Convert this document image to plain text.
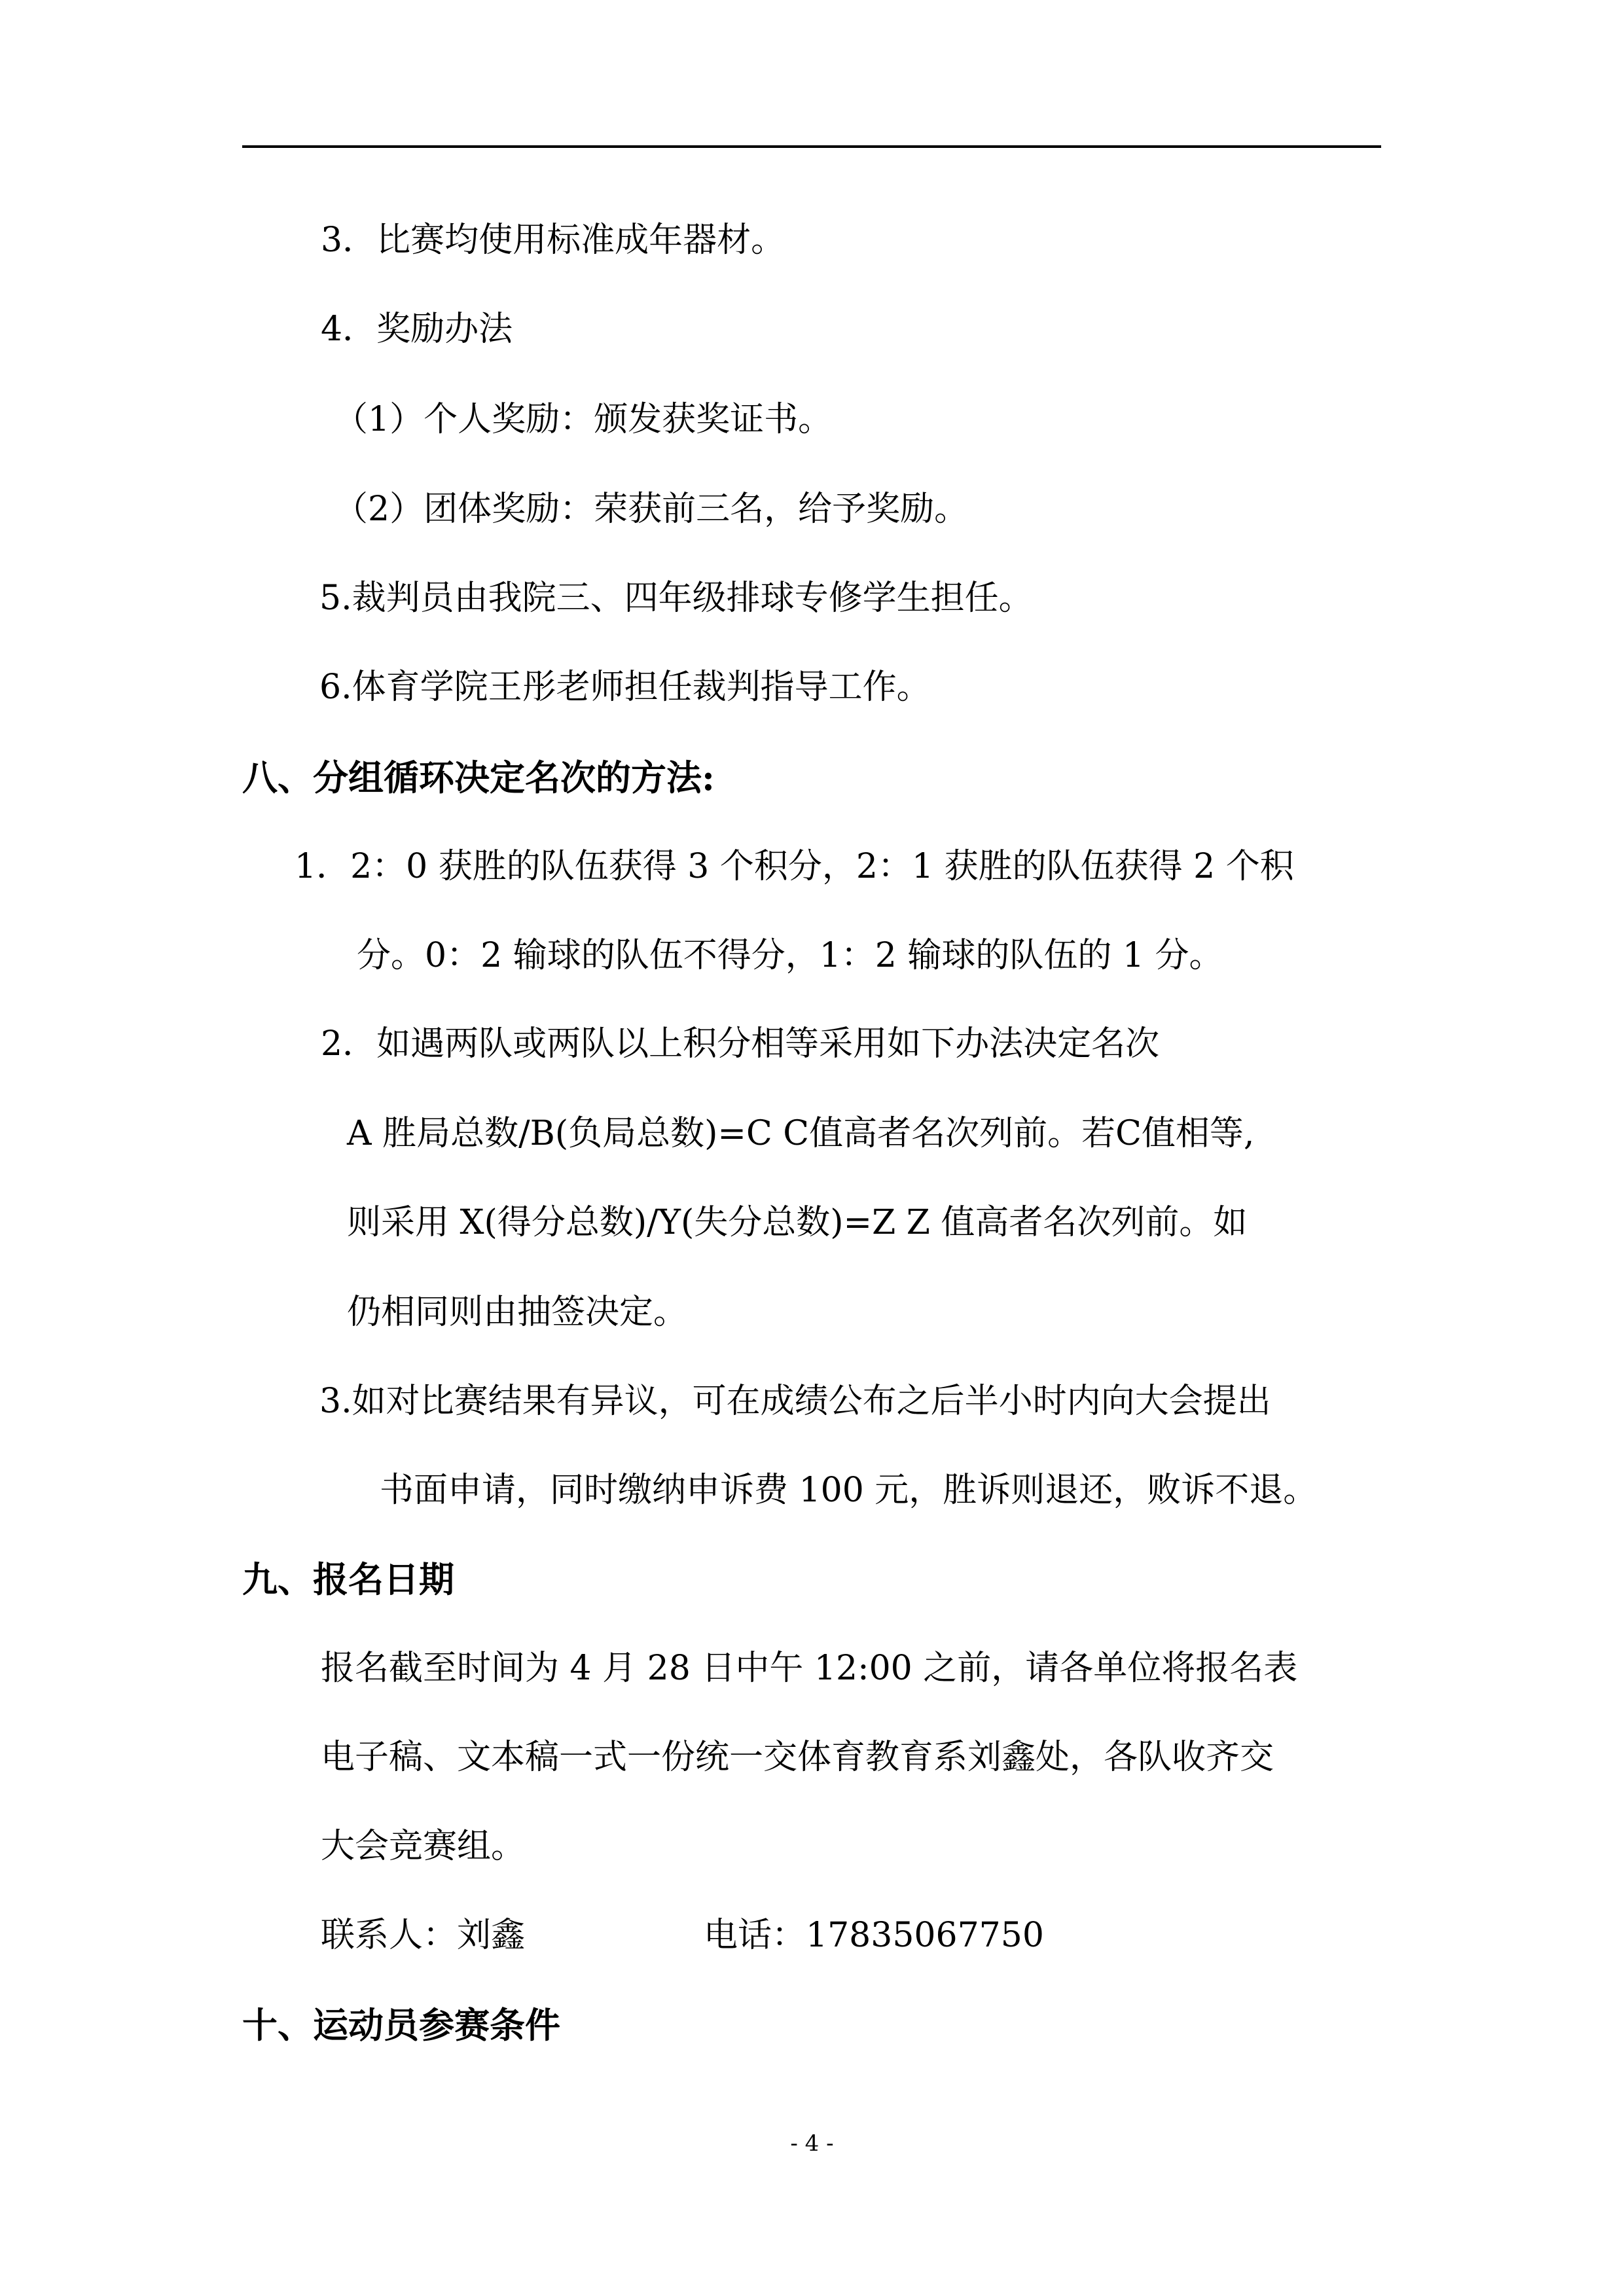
3．比赛均使用标准成年器材。
4．奖励办法
（1）个人奖励：颁发获奖证书。
（2）团体奖励：荣获前三名，给予奖励。
5.裁判员由我院三、四年级排球专修学生担任。
6.体育学院王彤老师担任裁判指导工作。
八、分组循环决定名次的方法:
1．2：0 获胜的队伍获得 3 个积分，2：1 获胜的队伍获得 2 个积
分。0：2 输球的队伍不得分，1：2 输球的队伍的 1 分。
2．如遇两队或两队以上积分相等采用如下办法决定名次
A 胜局总数/B(负局总数)=C C值高者名次列前。若C值相等,
则采用 X(得分总数)/Y(失分总数)=Z Z 值高者名次列前。如
仍相同则由抽签决定。
3.如对比赛结果有异议，可在成绩公布之后半小时内向大会提出
书面申请，同时缴纳申诉费 100 元，胜诉则退还，败诉不退。
九、报名日期
报名截至时间为 4 月 28 日中午 12:00 之前，请各单位将报名表
电子稿、文本稿一式一份统一交体育教育系刘鑫处，各队收齐交
大会竞赛组。
联系人：刘鑫	电话：17835067750
十、运动员参赛条件
- 4 -
